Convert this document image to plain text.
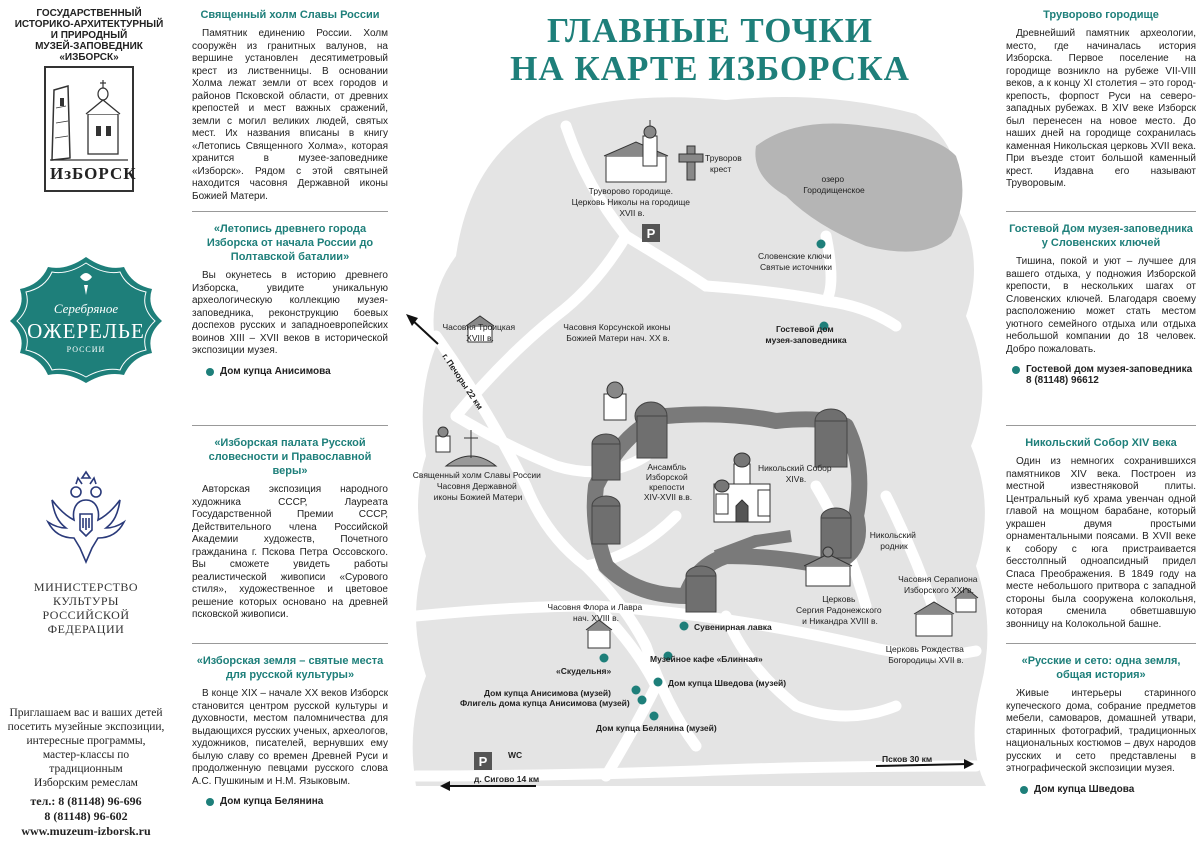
ГОСУДАРСТВЕННЫЙ
ИСТОРИКО-АРХИТЕКТУРНЫЙ
И ПРИРОДНЫЙ
МУЗЕЙ-ЗАПОВЕДНИК
«ИЗБОРСК»
ИзБОРСК
Серебряное
ОЖЕРЕЛЬЕ
РОССИИ
МИНИСТЕРСТВО КУЛЬТУРЫ
РОССИЙСКОЙ ФЕДЕРАЦИИ
Приглашаем вас и ваших детей
посетить музейные экспозиции,
интересные программы,
мастер-классы по традиционным
Изборским ремеслам
тел.: 8 (81148) 96-696
8 (81148) 96-602
www.muzeum-izborsk.ru
Священный холм Славы России
Памятник единению России. Холм сооружён из гранитных валунов, на вершине установлен десятиметровый крест из лиственницы. В основании Холма лежат земли от всех городов и районов Псковской области, от древних крепостей и мест важных сражений, земли с могил великих людей, святых мест. Их названия вписаны в книгу «Летопись Священного Холма», которая хранится в музее-заповеднике «Изборск». Рядом с этой святыней находится часовня Державной иконы Божией Матери.
«Летопись древнего города Изборска от начала России до Полтавской баталии»
Вы окунетесь в историю древнего Изборска, увидите уникальную археологическую коллекцию музея-заповедника, реконструкцию боевых доспехов русских и западноевропейских воинов XIII – XVII веков в исторической экспозиции музея.
Дом купца Анисимова
«Изборская палата Русской словесности и Православной веры»
Авторская экспозиция народного художника СССР, Лауреата Государственной Премии СССР, Действительного члена Российской Академии художеств, Почетного гражданина г. Пскова Петра Оссовского. Вы сможете увидеть работы реалистической живописи «Сурового стиля», художественное и цветовое решение которых основано на древней псковской живописи.
«Изборская земля – святые места для русской культуры»
В конце XIX – начале XX веков Изборск становится центром русской культуры и духовности, местом паломничества для выдающихся русских ученых, археологов, художников, писателей, вернувших ему былую славу со времен Древней Руси и продолженную певцами русского слова А.С. Пушкиным и Н.М. Языковым.
Дом купца Белянина
ГЛАВНЫЕ ТОЧКИ
НА КАРТЕ ИЗБОРСКА
P
P
Труворово городище. Церковь Николы на городище XVII в.
Труворов крест
озеро Городищенское
Словенские ключи Святые источники
Гостевой дом музея-заповедника
Часовня Троицкая XVIII в.
г. Печоры 22 км
Часовня Корсунской иконы Божией Матери нач. XX в.
Священный холм Славы России Часовня Державной иконы Божией Матери
Ансамбль Изборской крепости XIV-XVII в.в.
Никольский Собор XIVв.
Никольский родник
Церковь Сергия Радонежского и Никандра XVIII в.
Часовня Серапиона Изборского XXI в.
Церковь Рождества Богородицы XVII в.
Часовня Флора и Лавра нач. XVIII в.
«Скудельня»
Сувенирная лавка
Музейное кафе «Блинная»
Дом купца Шведова (музей)
Дом купца Анисимова (музей)
Флигель дома купца Анисимова (музей)
Дом купца Белянина (музей)
WC
д. Сигово 14 км
Псков 30 км
Труворово городище
Древнейший памятник археологии, место, где начиналась история Изборска. Первое поселение на городище возникло на рубеже VII-VIII веков, а к концу XI столетия – это город-крепость, форпост Руси на северо-западных рубежах. В XIV веке Изборск был перенесен на новое место. До наших дней на городище сохранилась каменная Никольская церковь XVII века. При въезде стоит большой каменный крест. Издавна его называют Труворовым.
Гостевой Дом музея-заповедника у Словенских ключей
Тишина, покой и уют – лучшее для вашего отдыха, у подножия Изборской крепости, в нескольких шагах от Словенских ключей. Благодаря своему расположению может стать местом уютного семейного отдыха или отдыха небольшой компании до 18 человек. Добро пожаловать.
Гостевой дом музея-заповедника
8 (81148) 96612
Никольский Собор XIV века
Один из немногих сохранившихся памятников XIV века. Построен из местной известняковой плиты. Центральный куб храма увенчан одной главой на мощном барабане, который украшен двумя простыми орнаментальными поясами. В XVII веке к собору с юга пристраивается бесстолпный одноапсидный придел Спаса Преображения. В 1849 году на месте небольшого притвора с западной стороны была сооружена колокольня, которая сменила обветшавшую звонницу на Колокольной башне.
«Русские и сето: одна земля, общая история»
Живые интерьеры старинного купеческого дома, собрание предметов мебели, самоваров, домашней утвари, старинных фотографий, традиционных национальных костюмов – двух народов русских и сето представлены в этнографической экспозиции музея.
Дом купца Шведова
